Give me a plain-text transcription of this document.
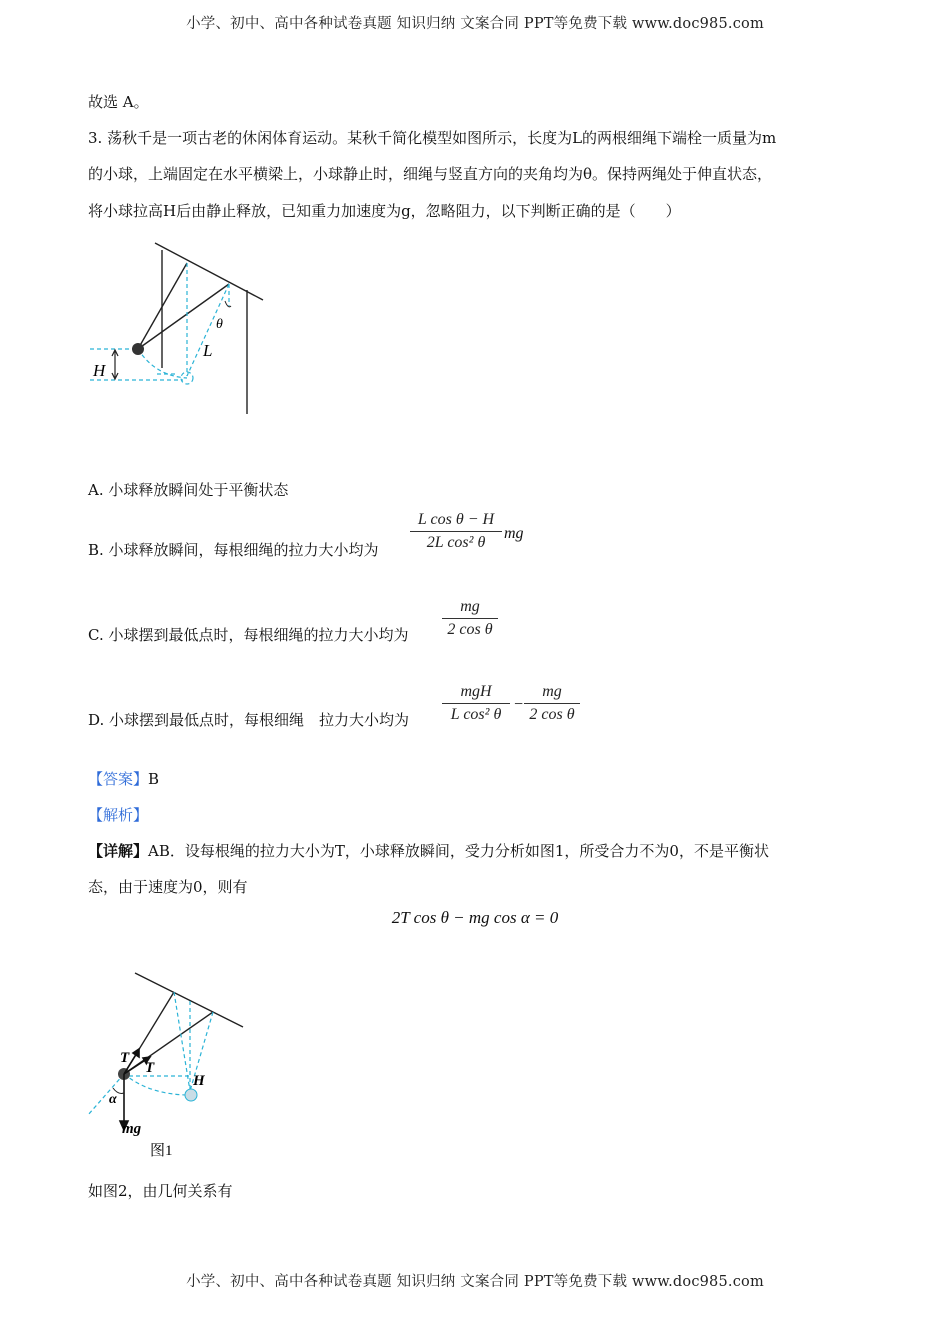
小学、初中、高中各种试卷真题 知识归纳 文案合同 PPT等免费下载 www.doc985.com
故选 A。
3. 荡秋千是一项古老的休闲体育运动。某秋千简化模型如图所示，长度为L的两根细绳下端栓一质量为m
的小球，上端固定在水平横梁上，小球静止时，细绳与竖直方向的夹角均为θ。保持两绳处于伸直状态，
将小球拉高H后由静止释放，已知重力加速度为g，忽略阻力，以下判断正确的是（　　）
θ
L
H
A. 小球释放瞬间处于平衡状态
B. 小球释放瞬间，每根细绳的拉力大小均为 $\frac{\text{L cos θ − H}}{\text{2L cos² θ}}$ mg
C. 小球摆到最低点时，每根细绳的拉力大小均为 $\frac{mg}{\text{2 cos θ}}$
D. 小球摆到最低点时，每根细绳　拉力大小均为
mgH
L cos² θ
− $\frac{mg}{\text{2 cos θ}}$
【答案】B
【解析】
【详解】AB．设每根绳的拉力大小为T，小球释放瞬间，受力分析如图1，所受合力不为0，不是平衡状
态，由于速度为0，则有
2T cos θ − mg cos α = 0
T
T
H
α
mg
图1
如图2，由几何关系有
小学、初中、高中各种试卷真题 知识归纳 文案合同 PPT等免费下载 www.doc985.com
